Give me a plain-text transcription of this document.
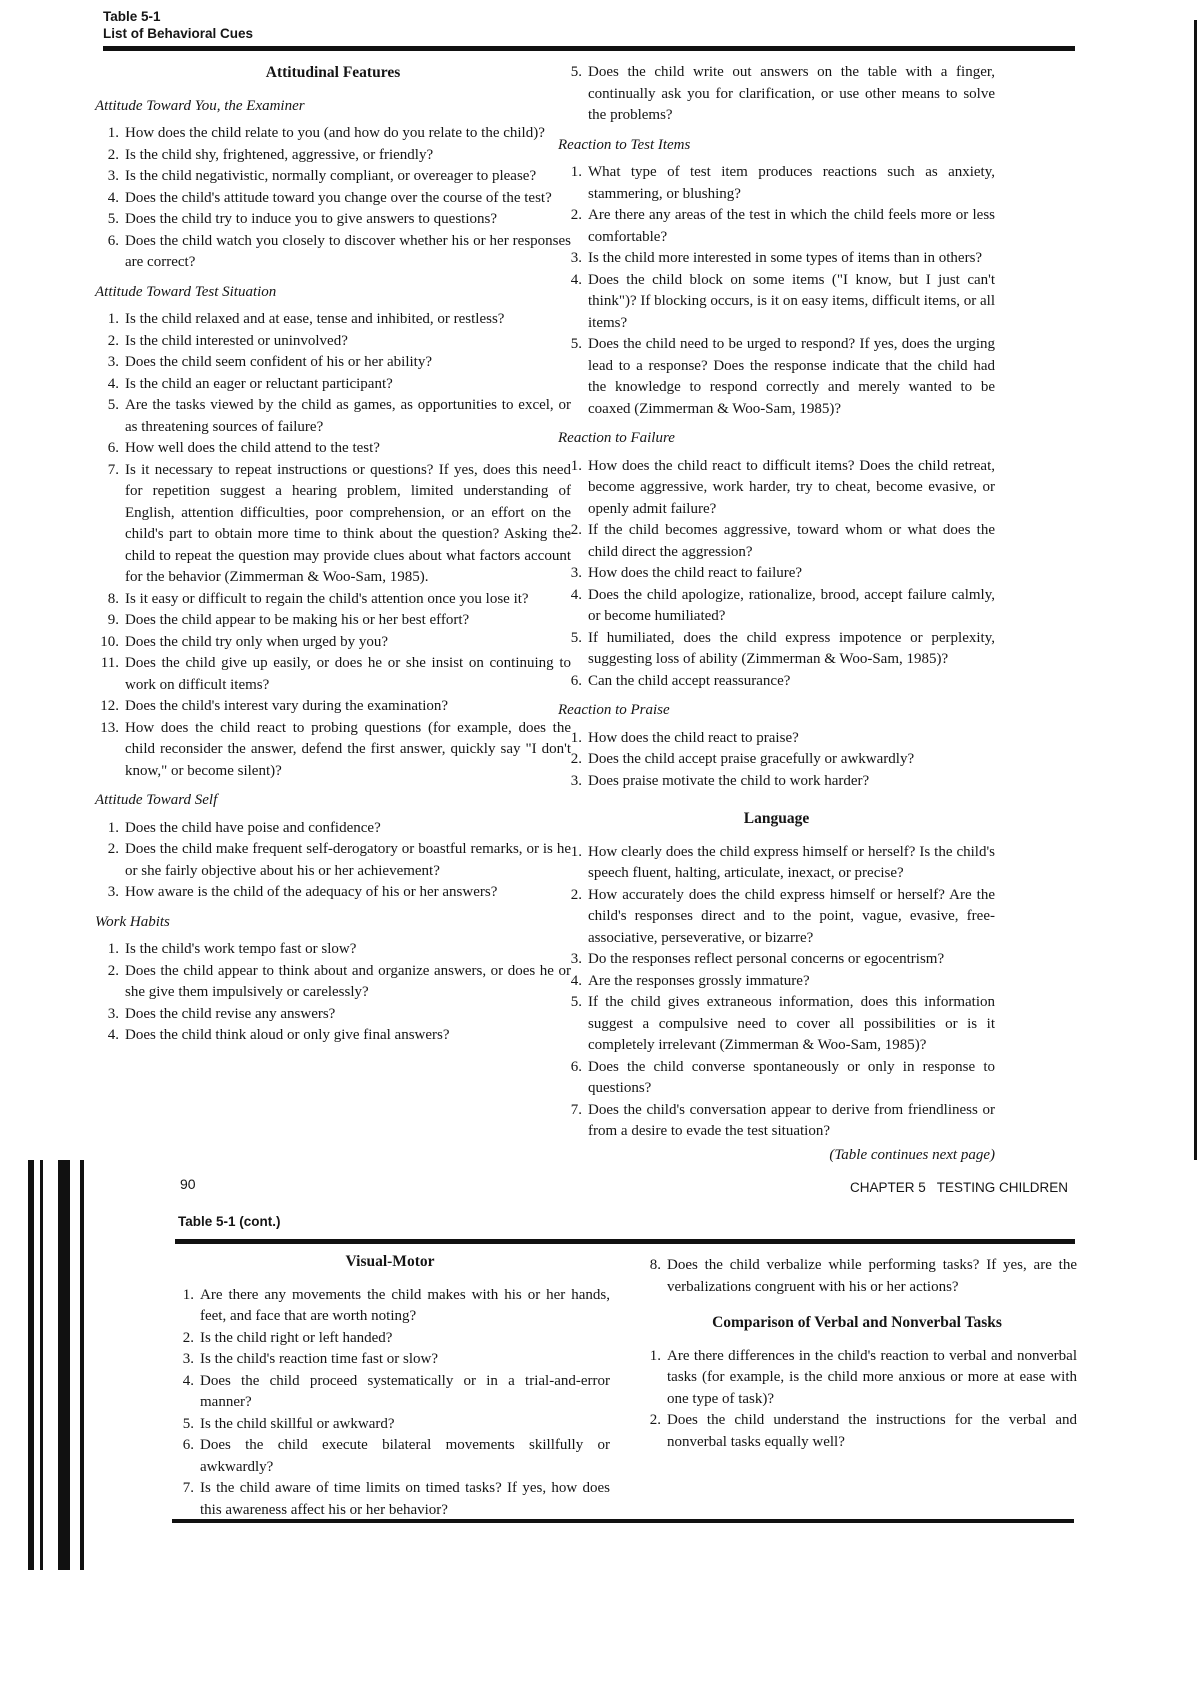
Table 5-1
List of Behavioral Cues
Attitudinal Features
Attitude Toward You, the Examiner
1. How does the child relate to you (and how do you relate to the child)?
2. Is the child shy, frightened, aggressive, or friendly?
3. Is the child negativistic, normally compliant, or overeager to please?
4. Does the child's attitude toward you change over the course of the test?
5. Does the child try to induce you to give answers to questions?
6. Does the child watch you closely to discover whether his or her responses are correct?
Attitude Toward Test Situation
1. Is the child relaxed and at ease, tense and inhibited, or restless?
2. Is the child interested or uninvolved?
3. Does the child seem confident of his or her ability?
4. Is the child an eager or reluctant participant?
5. Are the tasks viewed by the child as games, as opportunities to excel, or as threatening sources of failure?
6. How well does the child attend to the test?
7. Is it necessary to repeat instructions or questions? If yes, does this need for repetition suggest a hearing problem, limited understanding of English, attention difficulties, poor comprehension, or an effort on the child's part to obtain more time to think about the question? Asking the child to repeat the question may provide clues about what factors account for the behavior (Zimmerman & Woo-Sam, 1985).
8. Is it easy or difficult to regain the child's attention once you lose it?
9. Does the child appear to be making his or her best effort?
10. Does the child try only when urged by you?
11. Does the child give up easily, or does he or she insist on continuing to work on difficult items?
12. Does the child's interest vary during the examination?
13. How does the child react to probing questions (for example, does the child reconsider the answer, defend the first answer, quickly say "I don't know," or become silent)?
Attitude Toward Self
1. Does the child have poise and confidence?
2. Does the child make frequent self-derogatory or boastful remarks, or is he or she fairly objective about his or her achievement?
3. How aware is the child of the adequacy of his or her answers?
Work Habits
1. Is the child's work tempo fast or slow?
2. Does the child appear to think about and organize answers, or does he or she give them impulsively or carelessly?
3. Does the child revise any answers?
4. Does the child think aloud or only give final answers?
5. Does the child write out answers on the table with a finger, continually ask you for clarification, or use other means to solve the problems?
Reaction to Test Items
1. What type of test item produces reactions such as anxiety, stammering, or blushing?
2. Are there any areas of the test in which the child feels more or less comfortable?
3. Is the child more interested in some types of items than in others?
4. Does the child block on some items ("I know, but I just can't think")? If blocking occurs, is it on easy items, difficult items, or all items?
5. Does the child need to be urged to respond? If yes, does the urging lead to a response? Does the response indicate that the child had the knowledge to respond correctly and merely wanted to be coaxed (Zimmerman & Woo-Sam, 1985)?
Reaction to Failure
1. How does the child react to difficult items? Does the child retreat, become aggressive, work harder, try to cheat, become evasive, or openly admit failure?
2. If the child becomes aggressive, toward whom or what does the child direct the aggression?
3. How does the child react to failure?
4. Does the child apologize, rationalize, brood, accept failure calmly, or become humiliated?
5. If humiliated, does the child express impotence or perplexity, suggesting loss of ability (Zimmerman & Woo-Sam, 1985)?
6. Can the child accept reassurance?
Reaction to Praise
1. How does the child react to praise?
2. Does the child accept praise gracefully or awkwardly?
3. Does praise motivate the child to work harder?
Language
1. How clearly does the child express himself or herself? Is the child's speech fluent, halting, articulate, inexact, or precise?
2. How accurately does the child express himself or herself? Are the child's responses direct and to the point, vague, evasive, free-associative, perseverative, or bizarre?
3. Do the responses reflect personal concerns or egocentrism?
4. Are the responses grossly immature?
5. If the child gives extraneous information, does this information suggest a compulsive need to cover all possibilities or is it completely irrelevant (Zimmerman & Woo-Sam, 1985)?
6. Does the child converse spontaneously or only in response to questions?
7. Does the child's conversation appear to derive from friendliness or from a desire to evade the test situation?
(Table continues next page)
90	CHAPTER 5   TESTING CHILDREN
Table 5-1 (cont.)
Visual-Motor
1. Are there any movements the child makes with his or her hands, feet, and face that are worth noting?
2. Is the child right or left handed?
3. Is the child's reaction time fast or slow?
4. Does the child proceed systematically or in a trial-and-error manner?
5. Is the child skillful or awkward?
6. Does the child execute bilateral movements skillfully or awkwardly?
7. Is the child aware of time limits on timed tasks? If yes, how does this awareness affect his or her behavior?
8. Does the child verbalize while performing tasks? If yes, are the verbalizations congruent with his or her actions?
Comparison of Verbal and Nonverbal Tasks
1. Are there differences in the child's reaction to verbal and nonverbal tasks (for example, is the child more anxious or more at ease with one type of task)?
2. Does the child understand the instructions for the verbal and nonverbal tasks equally well?
